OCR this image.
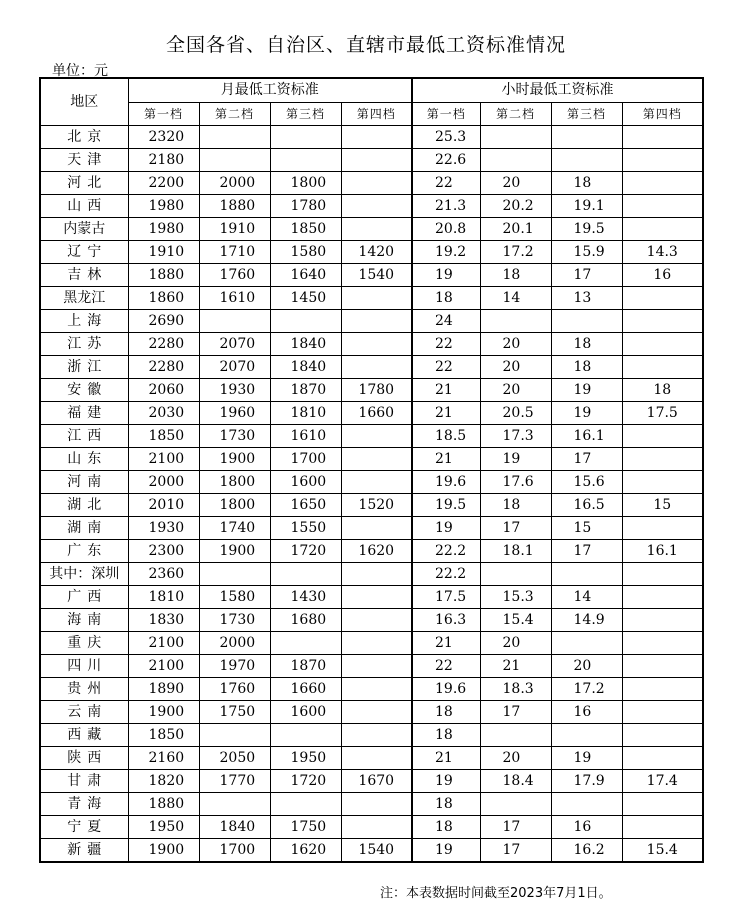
全国各省、自治区、直辖市最低工资标准情况
单位：元
地区	月最低工资标准				小时最低工资标准			
	第一档	第二档	第三档	第四档	第一档	第二档	第三档	第四档
北京	2320				25.3			
天津	2180				22.6			
河北	2200	2000	1800		22	20	18	
山西	1980	1880	1780		21.3	20.2	19.1	
内蒙古	1980	1910	1850		20.8	20.1	19.5	
辽宁	1910	1710	1580	1420	19.2	17.2	15.9	14.3
吉林	1880	1760	1640	1540	19	18	17	16
黑龙江	1860	1610	1450		18	14	13	
上海	2690				24			
江苏	2280	2070	1840		22	20	18	
浙江	2280	2070	1840		22	20	18	
安徽	2060	1930	1870	1780	21	20	19	18
福建	2030	1960	1810	1660	21	20.5	19	17.5
江西	1850	1730	1610		18.5	17.3	16.1	
山东	2100	1900	1700		21	19	17	
河南	2000	1800	1600		19.6	17.6	15.6	
湖北	2010	1800	1650	1520	19.5	18	16.5	15
湖南	1930	1740	1550		19	17	15	
广东	2300	1900	1720	1620	22.2	18.1	17	16.1
其中：深圳	2360				22.2			
广西	1810	1580	1430		17.5	15.3	14	
海南	1830	1730	1680		16.3	15.4	14.9	
重庆	2100	2000			21	20		
四川	2100	1970	1870		22	21	20	
贵州	1890	1760	1660		19.6	18.3	17.2	
云南	1900	1750	1600		18	17	16	
西藏	1850				18			
陕西	2160	2050	1950		21	20	19	
甘肃	1820	1770	1720	1670	19	18.4	17.9	17.4
青海	1880				18			
宁夏	1950	1840	1750		18	17	16	
新疆	1900	1700	1620	1540	19	17	16.2	15.4
注：本表数据时间截至2023年7月1日。
